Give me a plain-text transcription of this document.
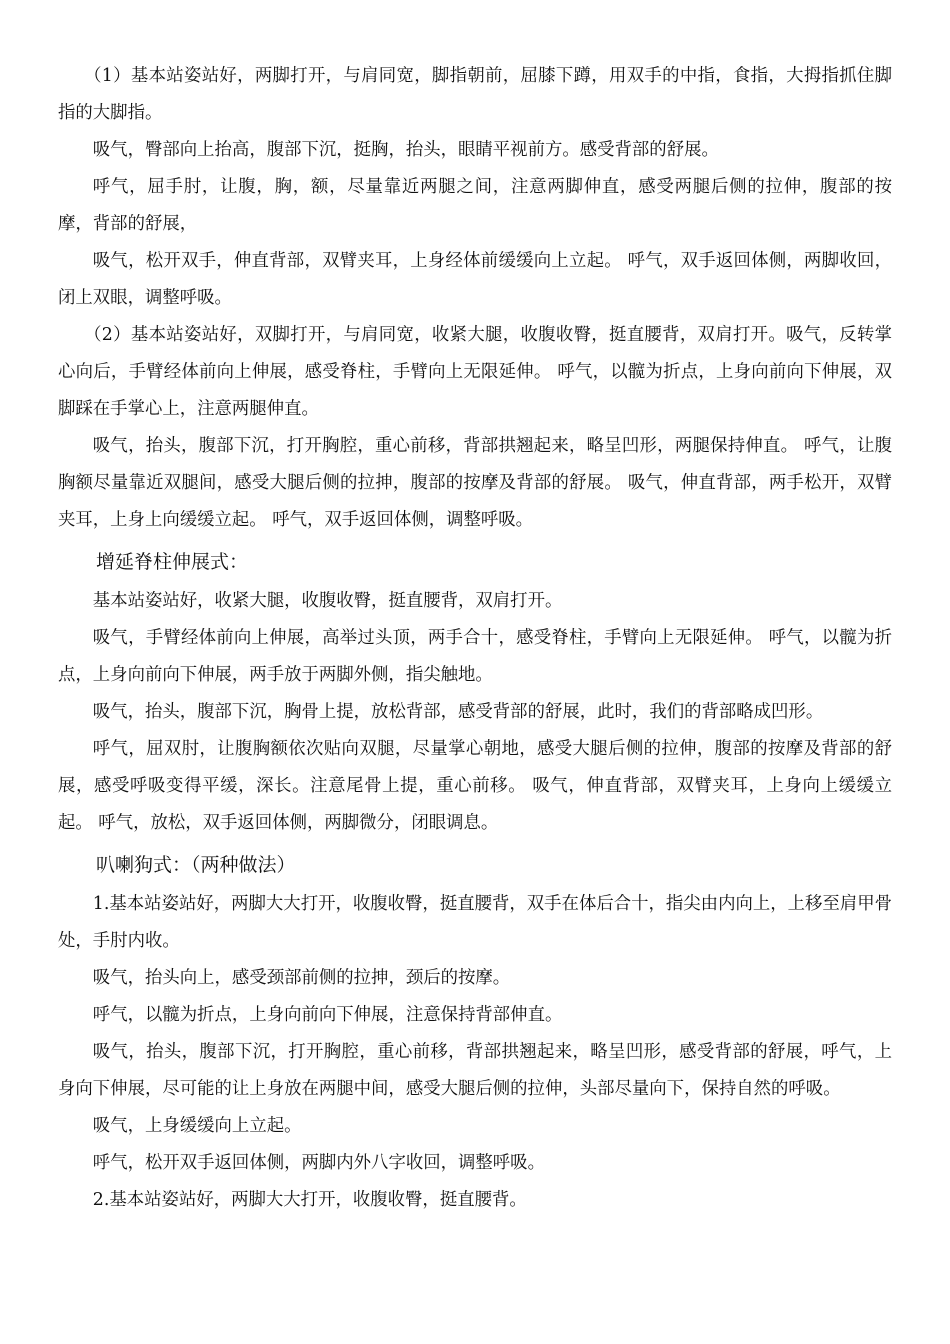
（1）基本站姿站好，两脚打开，与肩同宽，脚指朝前，屈膝下蹲，用双手的中指，食指，大拇指抓住脚指的大脚指。

吸气，臀部向上抬高，腹部下沉，挺胸，抬头，眼睛平视前方。感受背部的舒展。

呼气，屈手肘，让腹，胸，额，尽量靠近两腿之间，注意两脚伸直，感受两腿后侧的拉伸，腹部的按摩，背部的舒展，

吸气，松开双手，伸直背部，双臂夹耳，上身经体前缓缓向上立起。 呼气，双手返回体侧，两脚收回，闭上双眼，调整呼吸。

（2）基本站姿站好，双脚打开，与肩同宽，收紧大腿，收腹收臀，挺直腰背，双肩打开。吸气，反转掌心向后，手臂经体前向上伸展，感受脊柱，手臂向上无限延伸。 呼气，以髋为折点，上身向前向下伸展，双脚踩在手掌心上，注意两腿伸直。

吸气，抬头，腹部下沉，打开胸腔，重心前移，背部拱翘起来，略呈凹形，两腿保持伸直。 呼气，让腹胸额尽量靠近双腿间，感受大腿后侧的拉抻，腹部的按摩及背部的舒展。 吸气，伸直背部，两手松开，双臂夹耳，上身上向缓缓立起。 呼气，双手返回体侧，调整呼吸。

增延脊柱伸展式：

基本站姿站好，收紧大腿，收腹收臀，挺直腰背，双肩打开。

吸气，手臂经体前向上伸展，高举过头顶，两手合十，感受脊柱，手臂向上无限延伸。 呼气，以髋为折点，上身向前向下伸展，两手放于两脚外侧，指尖触地。

吸气，抬头，腹部下沉，胸骨上提，放松背部，感受背部的舒展，此时，我们的背部略成凹形。

呼气，屈双肘，让腹胸额依次贴向双腿，尽量掌心朝地，感受大腿后侧的拉伸，腹部的按摩及背部的舒展，感受呼吸变得平缓，深长。注意尾骨上提，重心前移。 吸气，伸直背部，双臂夹耳，上身向上缓缓立起。 呼气，放松，双手返回体侧，两脚微分，闭眼调息。

叭喇狗式：（两种做法）

1.基本站姿站好，两脚大大打开，收腹收臀，挺直腰背，双手在体后合十，指尖由内向上，上移至肩甲骨处，手肘内收。

吸气，抬头向上，感受颈部前侧的拉抻，颈后的按摩。

呼气，以髋为折点，上身向前向下伸展，注意保持背部伸直。

吸气，抬头，腹部下沉，打开胸腔，重心前移，背部拱翘起来，略呈凹形，感受背部的舒展，呼气，上身向下伸展，尽可能的让上身放在两腿中间，感受大腿后侧的拉伸，头部尽量向下，保持自然的呼吸。

吸气，上身缓缓向上立起。

呼气，松开双手返回体侧，两脚内外八字收回，调整呼吸。

2.基本站姿站好，两脚大大打开，收腹收臀，挺直腰背。
